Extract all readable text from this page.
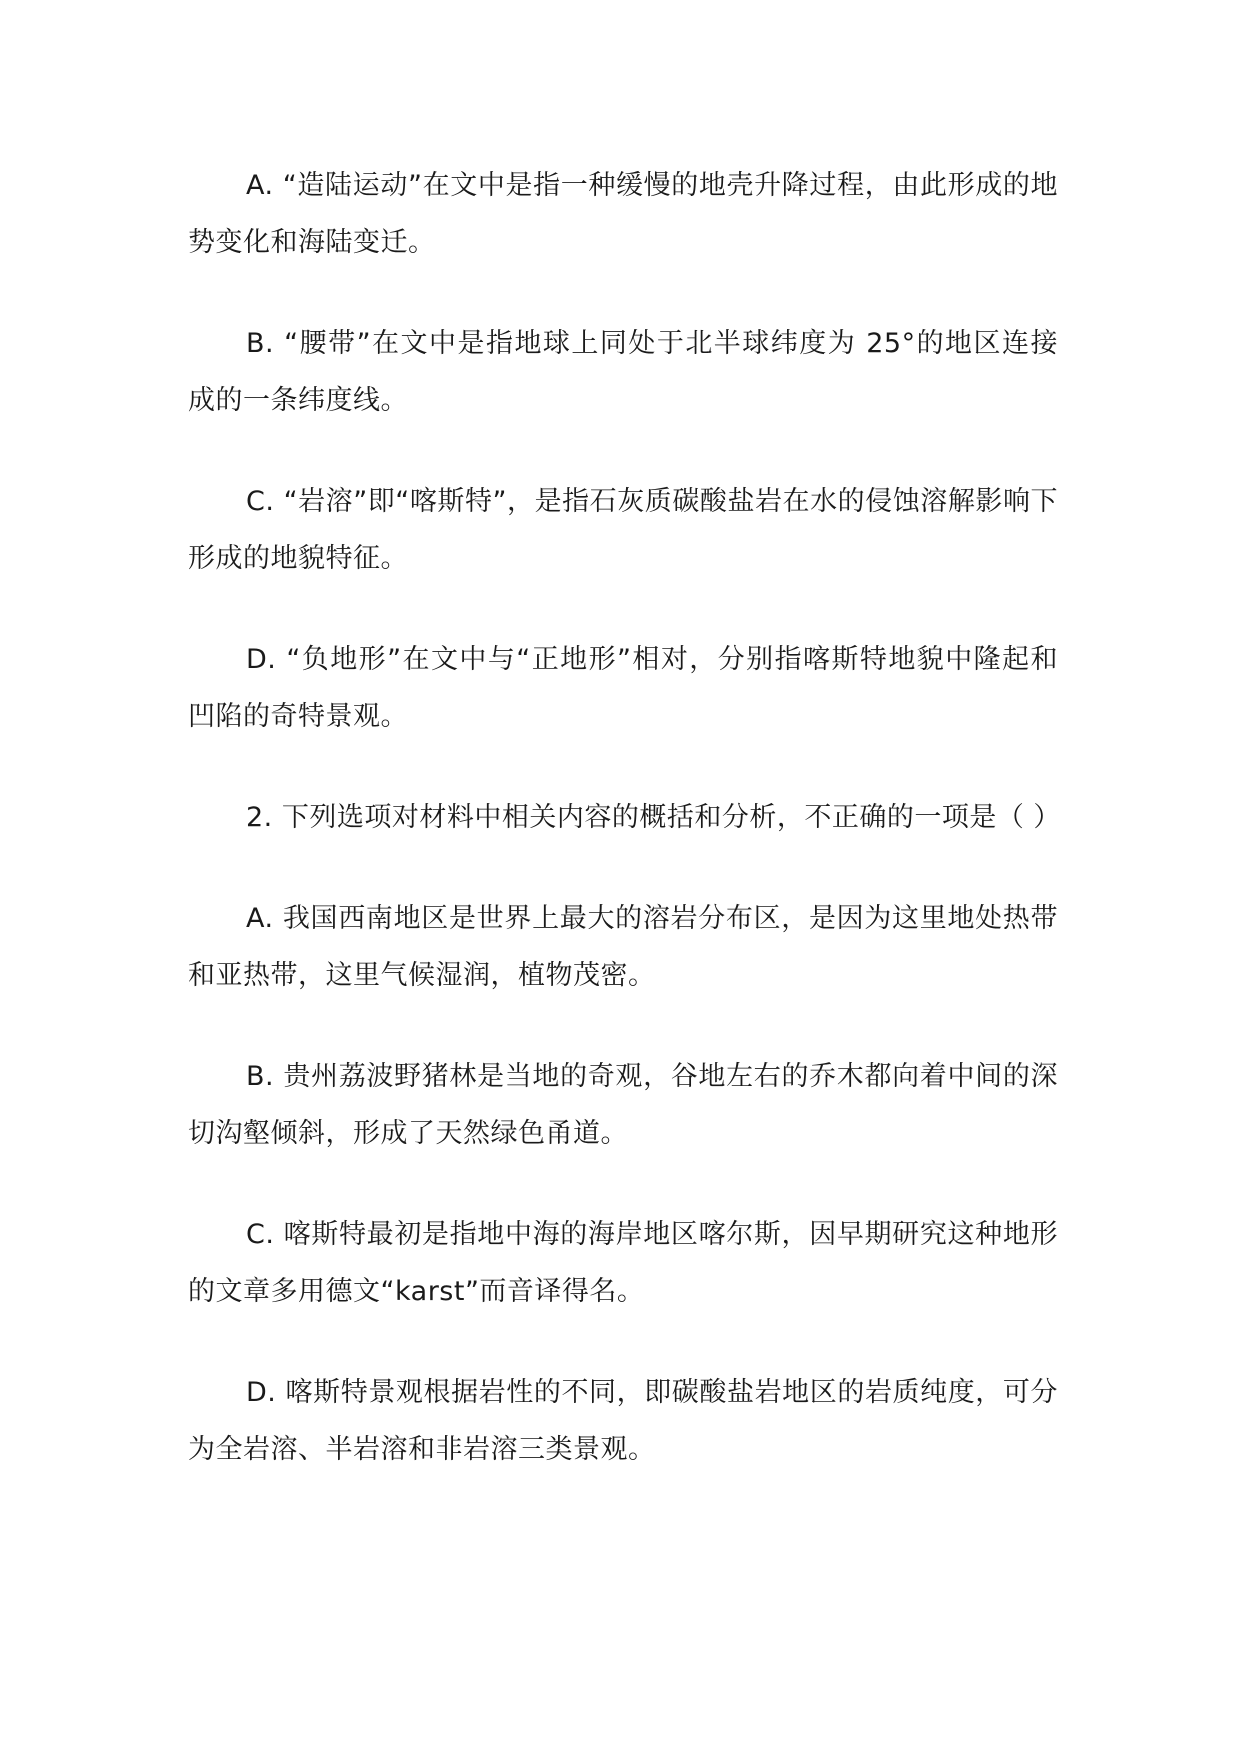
A. “造陆运动”在文中是指一种缓慢的地壳升降过程，由此形成的地势变化和海陆变迁。

B. “腰带”在文中是指地球上同处于北半球纬度为 25°的地区连接成的一条纬度线。

C. “岩溶”即“喀斯特”，是指石灰质碳酸盐岩在水的侵蚀溶解影响下形成的地貌特征。

D. “负地形”在文中与“正地形”相对，分别指喀斯特地貌中隆起和凹陷的奇特景观。

2. 下列选项对材料中相关内容的概括和分析，不正确的一项是（ ）

A. 我国西南地区是世界上最大的溶岩分布区，是因为这里地处热带和亚热带，这里气候湿润，植物茂密。

B. 贵州荔波野猪林是当地的奇观，谷地左右的乔木都向着中间的深切沟壑倾斜，形成了天然绿色甬道。

C. 喀斯特最初是指地中海的海岸地区喀尔斯，因早期研究这种地形的文章多用德文“karst”而音译得名。

D. 喀斯特景观根据岩性的不同，即碳酸盐岩地区的岩质纯度，可分为全岩溶、半岩溶和非岩溶三类景观。
